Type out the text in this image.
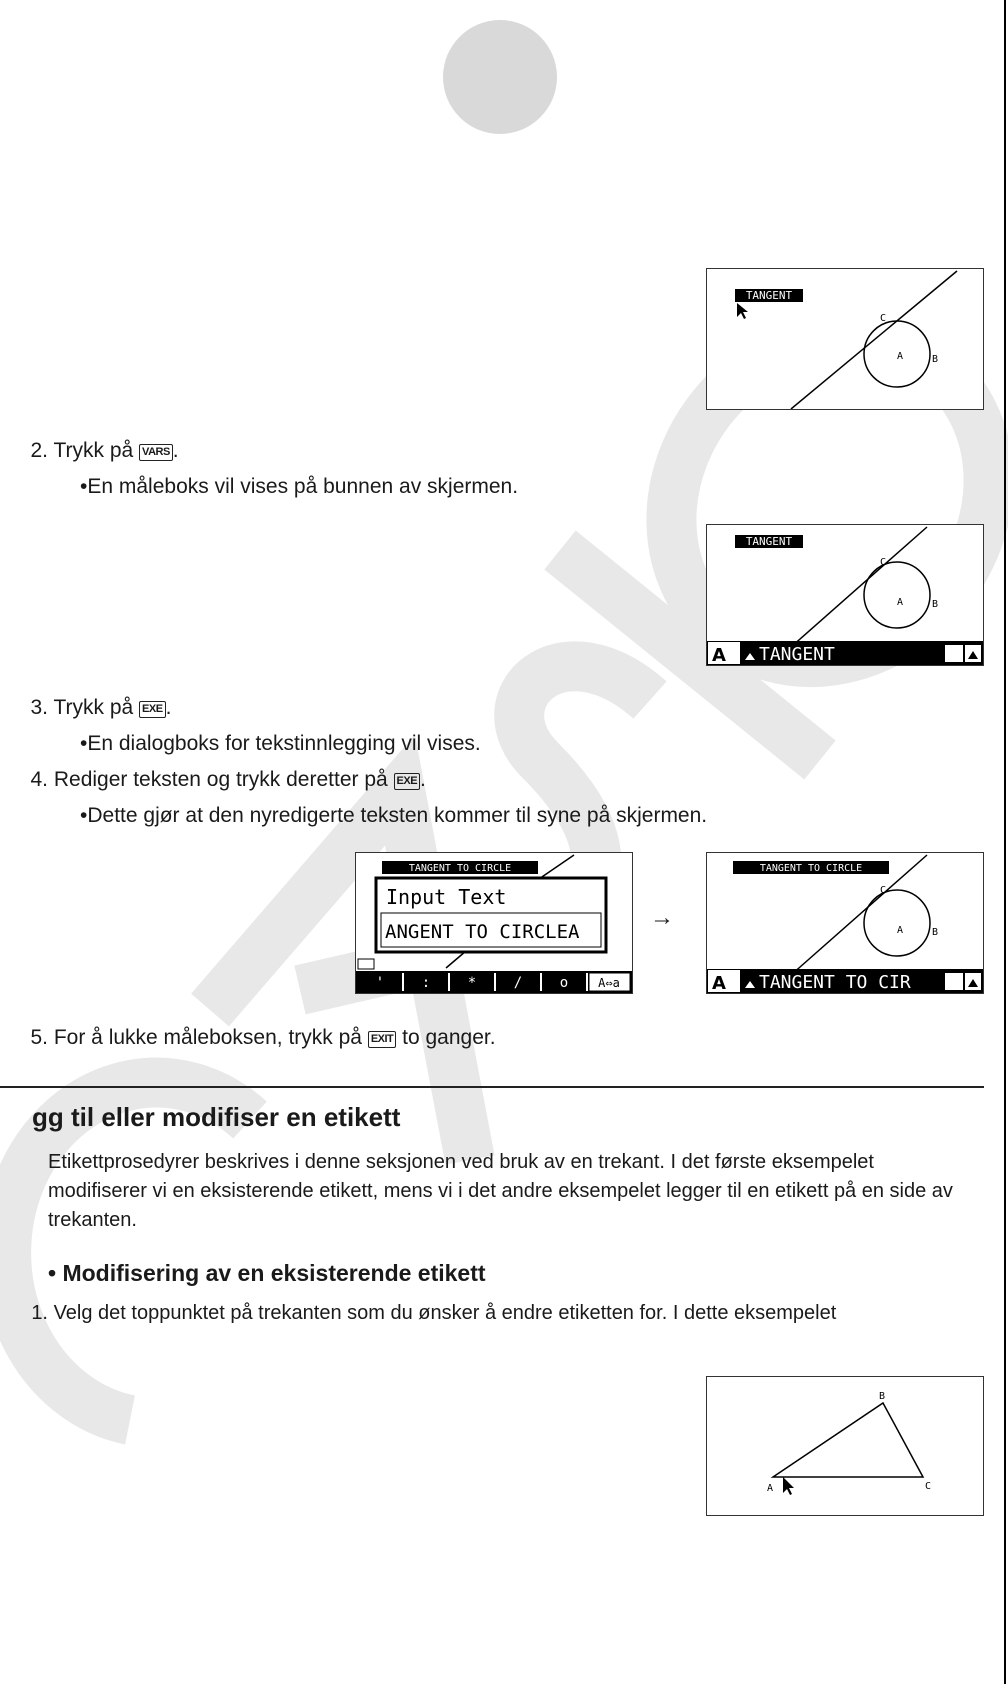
TANGENT
A	B
C
2. Trykk på VARS .
•En måleboks vil vises på bunnen av skjermen.
TANGENT
A	B
C
A TANGENT
3. Trykk på EXE .
•En dialogboks for tekstinnlegging vil vises.
4. Rediger teksten og trykk deretter på EXE .
•Dette gjør at den nyredigerte teksten kommer til syne på skjermen.
TANGENT TO CIRCLE
Input Text
ANGENT TO CIRCLEA
'	:	*	/	o A⇔a
→
TANGENT TO CIRCLE
A	B
C
A TANGENT TO CIR
5. For å lukke måleboksen, trykk på EXIT to ganger.
gg til eller modifiser en etikett
Etikettprosedyrer beskrives i denne seksjonen ved bruk av en trekant. I det første eksempelet modifiserer vi en eksisterende etikett, mens vi i det andre eksempelet legger til en etikett på en side av trekanten.
• Modifisering av en eksisterende etikett
1. Velg det toppunktet på trekanten som du ønsker å endre etiketten for. I dette eksempelet
A
B
C
